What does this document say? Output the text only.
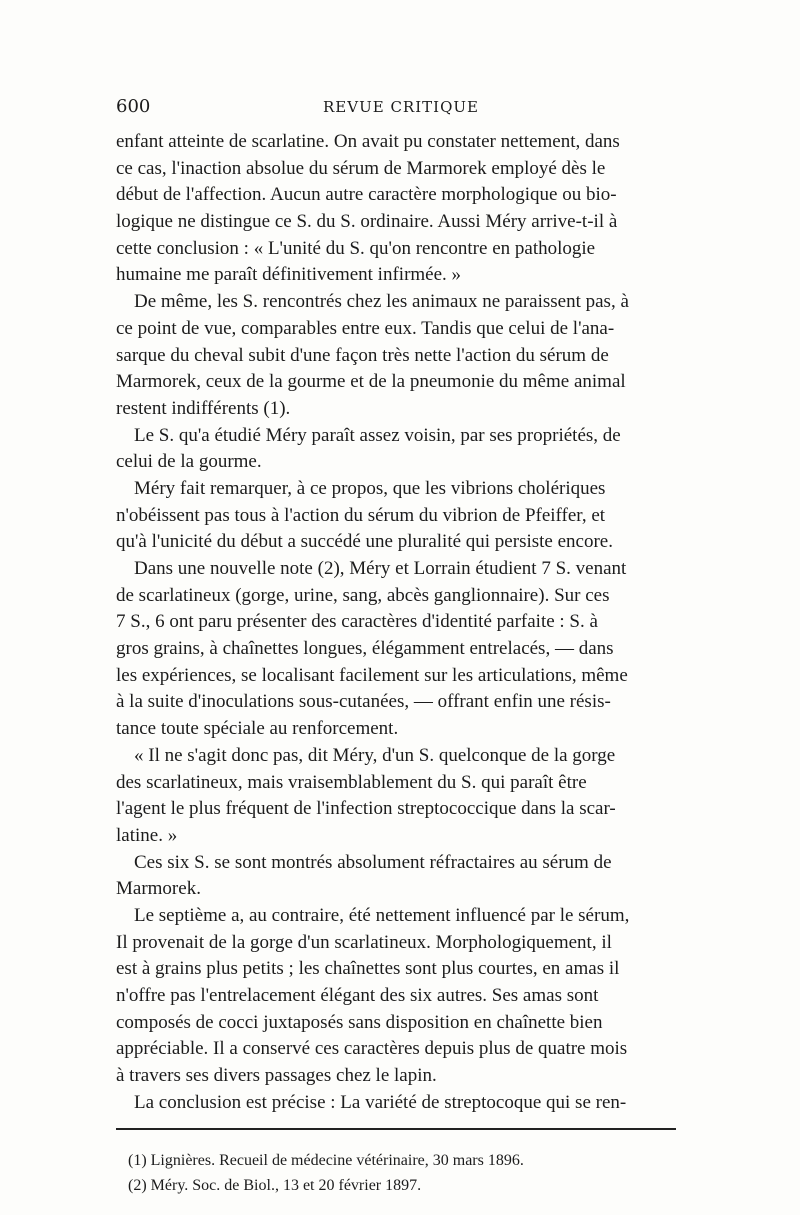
600	REVUE CRITIQUE
enfant atteinte de scarlatine. On avait pu constater nettement, dans
ce cas, l'inaction absolue du sérum de Marmorek employé dès le
début de l'affection. Aucun autre caractère morphologique ou bio-
logique ne distingue ce S. du S. ordinaire. Aussi Méry arrive-t-il à
cette conclusion : « L'unité du S. qu'on rencontre en pathologie
humaine me paraît définitivement infirmée. »
De même, les S. rencontrés chez les animaux ne paraissent pas, à
ce point de vue, comparables entre eux. Tandis que celui de l'ana-
sarque du cheval subit d'une façon très nette l'action du sérum de
Marmorek, ceux de la gourme et de la pneumonie du même animal
restent indifférents (1).
Le S. qu'a étudié Méry paraît assez voisin, par ses propriétés, de
celui de la gourme.
Méry fait remarquer, à ce propos, que les vibrions cholériques
n'obéissent pas tous à l'action du sérum du vibrion de Pfeiffer, et
qu'à l'unicité du début a succédé une pluralité qui persiste encore.
Dans une nouvelle note (2), Méry et Lorrain étudient 7 S. venant
de scarlatineux (gorge, urine, sang, abcès ganglionnaire). Sur ces
7 S., 6 ont paru présenter des caractères d'identité parfaite : S. à
gros grains, à chaînettes longues, élégamment entrelacés, — dans
les expériences, se localisant facilement sur les articulations, même
à la suite d'inoculations sous-cutanées, — offrant enfin une résis-
tance toute spéciale au renforcement.
« Il ne s'agit donc pas, dit Méry, d'un S. quelconque de la gorge
des scarlatineux, mais vraisemblablement du S. qui paraît être
l'agent le plus fréquent de l'infection streptococcique dans la scar-
latine. »
Ces six S. se sont montrés absolument réfractaires au sérum de
Marmorek.
Le septième a, au contraire, été nettement influencé par le sérum,
Il provenait de la gorge d'un scarlatineux. Morphologiquement, il
est à grains plus petits ; les chaînettes sont plus courtes, en amas il
n'offre pas l'entrelacement élégant des six autres. Ses amas sont
composés de cocci juxtaposés sans disposition en chaînette bien
appréciable. Il a conservé ces caractères depuis plus de quatre mois
à travers ses divers passages chez le lapin.
La conclusion est précise : La variété de streptocoque qui se ren-
(1) Lignières. Recueil de médecine vétérinaire, 30 mars 1896.
(2) Méry. Soc. de Biol., 13 et 20 février 1897.
